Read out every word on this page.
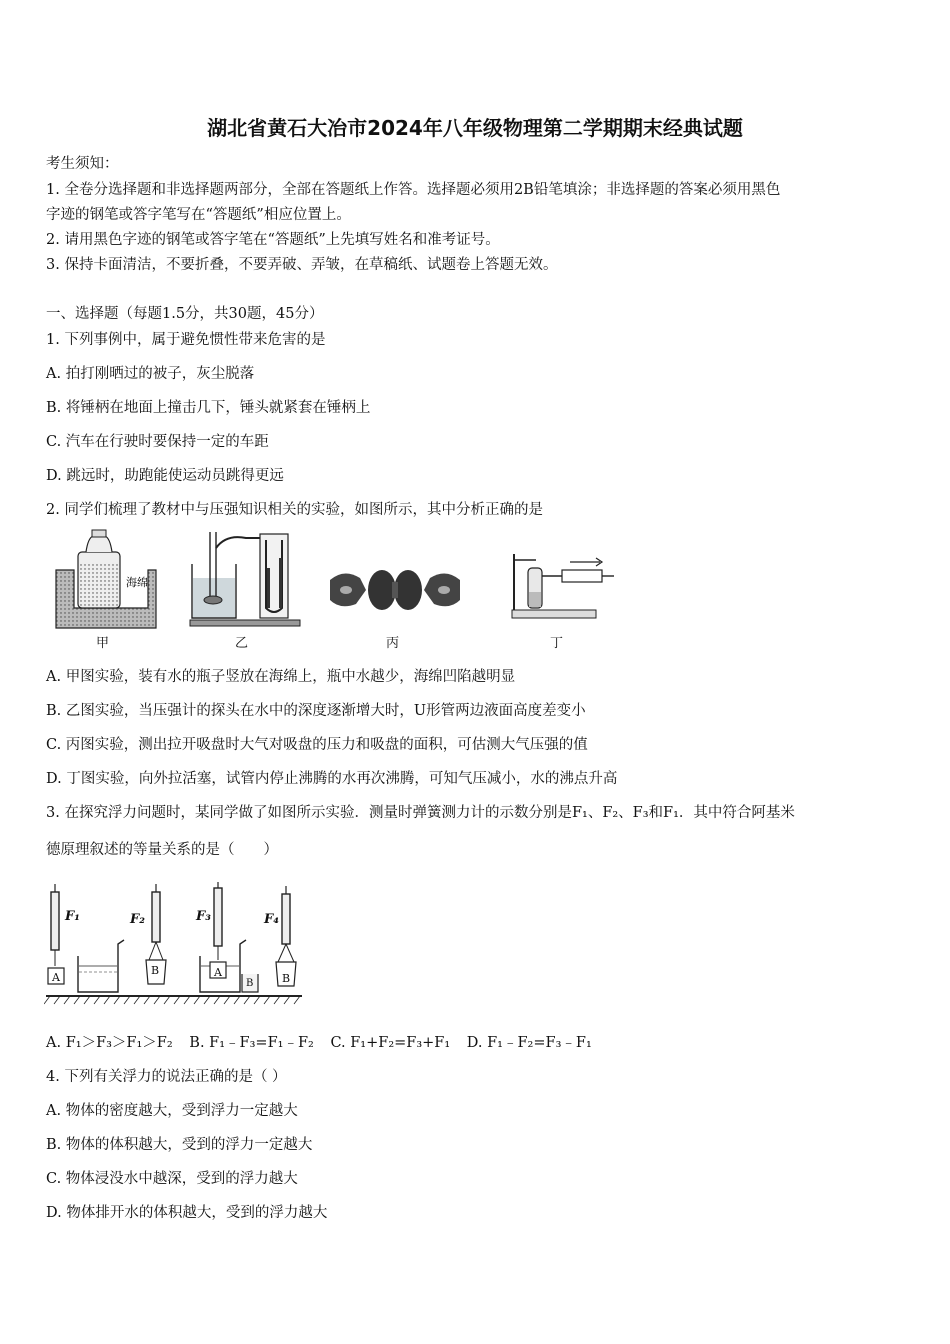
湖北省黄石大冶市2024年八年级物理第二学期期末经典试题
考生须知：
1. 全卷分选择题和非选择题两部分，全部在答题纸上作答。选择题必须用2B铅笔填涂；非选择题的答案必须用黑色
字迹的钢笔或答字笔写在“答题纸”相应位置上。
2. 请用黑色字迹的钢笔或答字笔在“答题纸”上先填写姓名和准考证号。
3. 保持卡面清洁，不要折叠，不要弄破、弄皱，在草稿纸、试题卷上答题无效。
一、选择题（每题1.5分，共30题，45分）
1. 下列事例中，属于避免惯性带来危害的是
A. 拍打刚晒过的被子，灰尘脱落
B. 将锤柄在地面上撞击几下，锤头就紧套在锤柄上
C. 汽车在行驶时要保持一定的车距
D. 跳远时，助跑能使运动员跳得更远
2. 同学们梳理了教材中与压强知识相关的实验，如图所示，其中分析正确的是
海绵
甲	乙	丙	丁
A. 甲图实验，装有水的瓶子竖放在海绵上，瓶中水越少，海绵凹陷越明显
B. 乙图实验，当压强计的探头在水中的深度逐渐增大时，U形管两边液面高度差变小
C. 丙图实验，测出拉开吸盘时大气对吸盘的压力和吸盘的面积，可估测大气压强的值
D. 丁图实验，向外拉活塞，试管内停止沸腾的水再次沸腾，可知气压减小，水的沸点升高
3. 在探究浮力问题时，某同学做了如图所示实验．测量时弹簧测力计的示数分别是F₁、F₂、F₃和F₁．其中符合阿基米
德原理叙述的等量关系的是（　　）
F₁	F₂	F₃	F₄
A
B	A
B	B
A. F₁＞F₃＞F₁＞F₂ B. F₁﹣F₃=F₁﹣F₂ C. F₁+F₂=F₃+F₁ D. F₁﹣F₂=F₃﹣F₁
4. 下列有关浮力的说法正确的是（ ）
A. 物体的密度越大，受到浮力一定越大
B. 物体的体积越大，受到的浮力一定越大
C. 物体浸没水中越深，受到的浮力越大
D. 物体排开水的体积越大，受到的浮力越大
